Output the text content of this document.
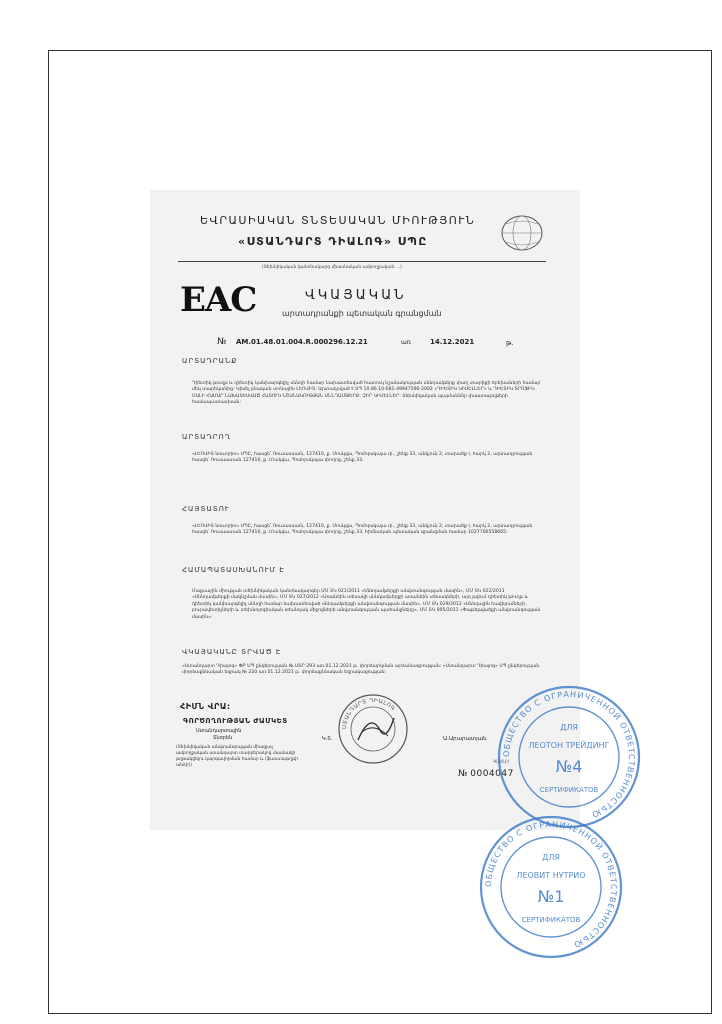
ԵՎՐԱՍԻԱԿԱՆ ՏՆՏԵՍԱԿԱՆ ՄԻՈՒԹՅՈՒՆ
«ՍՏԱՆԴԱՐՏ ԴԻԱԼՈԳ» ՍՊԸ
(Տեխնիկական կանոնակարգ միասնական ամբողջական ...)
EAC	ՎԿԱՅԱԿԱՆ
արտադրանքի պետական գրանցման
№ AM.01.48.01.004.R.000296.12.21	առ	14.12.2021	թ.
ԱՐՏԱԴՐԱՆՔ
Դիետիկ թուղթ և դիետիկ կանխարգելիչ սննդի համար նախատեսված հատուկ նշանակության սննդամթերք փաղ տարիքի երեխաների համար՝ մեկ տարեկանից: Կիսել բնական տոնային ԼԵՈՎԻՏ: Արտադրված է ՏՊ 10.86.10-081-49947596-2002 «ԴԻԵՏԻԿ ԿԻՍԵԼՆԵՐ» և ԴԻԵՏԻԿ ՏՐՈՖԻԿ ՄԱԼԻ ՀԱՄԱՐ ՆԱԽԱՏԵՍՎԱԾ ՀԱՏՈՒԿ ՆՇԱՆԱԿՈՒԹՅԱՆ ՍՆՆԴԱՄԹԵՐՔ: ԶԻՐ ԿԻՍԵԼՆԵՐ: Տեխնիկական պայմաններ փաստաթղթերի համապատասխան:
ԱՐՏԱԴՐՈՂ
«ԼԵՈՎԻՏ նուտրիո» ՍՊԸ, հասցե՝ Ռուսաստան, 127410, ք. Մոսկվա, Պոմորսկայա փ., շենք 33, անկյուն 2, տարածք I, հարկ 2, արտադրության հասցե՝ Ռուսաստան 127410, ք. Մոսկվա, Պոմորսկայա փողոց, շենք 33.
ՀԱՅՏԱՏՈՒ
«ԼԵՈՎԻՏ նուտրիո» ՍՊԸ, հասցե՝ Ռուսաստան, 127410, ք. Մոսկվա, Պոմորսկայա փ., շենք 33, անկյուն 2, տարածք I, հարկ 2, արտադրության հասցե՝ Ռուսաստան 127410, ք. Մոսկվա, Պոմորսկայա փողոց, շենք 33, հիմնական պետական գրանցման համար 1027700558665:
ՀԱՄԱՊԱՏԱՍԽԱՆՈՒՄ Է
Մաքսային միության տեխնիկական կանոնակարգեր ՄՄ ՏԿ 021/2011 «Սննդամթերքի անվտանգության մասին», ՄՄ ՏԿ 022/2011 «Սննդամթերքի մակնշման մասին», ՄՄ ՏԿ 027/2012 «Առանձին տեսակի սննդամթերքի առանձին տեսակների, այդ թվում դիետիկ թուղթ և դիետիկ կանխարգելիչ սննդի համար նախատեսված սննդամթերքի անվտանգության մասին», ՄՄ ՏԿ 029/2012 «Սննդային հավելումների, բուրավետիչների և տեխնոլոգիական օժանդակ միջոցների անվտանգության պահանջները», ՄՄ ՏԿ 005/2011 «Փաթեթվածքի անվտանգության մասին»:
ՎԿԱՅԱԿԱՆԸ ՏՐՎԱԾ Է
«Ստանդարտ Դիալոգ» ՓԲ ՍՊ ընկերության № ՍՏՐ-293 առ 01.12.2021 թ. փորձարկման արձանագրության: «Ստանդարտ Դիալոգ» ՍՊ ընկերության փորձաքննական եզրակ № 220 առ 01.12.2021 թ. փորձաքննական եզրակացության:
ՀԻՄՆ ՎՐԱ:
ԳՈՐԾՈՂՈՒԹՅԱՆ ԺԱՄԿԵՏ
Ստանդարտային
Տնօրեն
(Տեխնիկական անվտանգության միացյալ ամբողջական ստանդարտ տարբերակով մասնակի թղթակցելու կարգավորման համար և (ֆաստաթղթի անձի))
Կ.Տ.	Ա.Արարատյան
ЖДКЦЧ
№ 0004047
ՍՏԱՆԴԱՐՏ ԴԻԱԼՈԳ
ОБЩЕСТВО С ОГРАНИЧЕННОЙ ОТВЕТСТВЕННОСТЬЮ
ДЛЯ
ЛЕОТОН ТРЕЙДИНГ
№4
СЕРТИФИКАТОВ
ОБЩЕСТВО С ОГРАНИЧЕННОЙ ОТВЕТСТВЕННОСТЬЮ
ДЛЯ
ЛЕОВИТ НУТРИО
№1
СЕРТИФИКАТОВ
